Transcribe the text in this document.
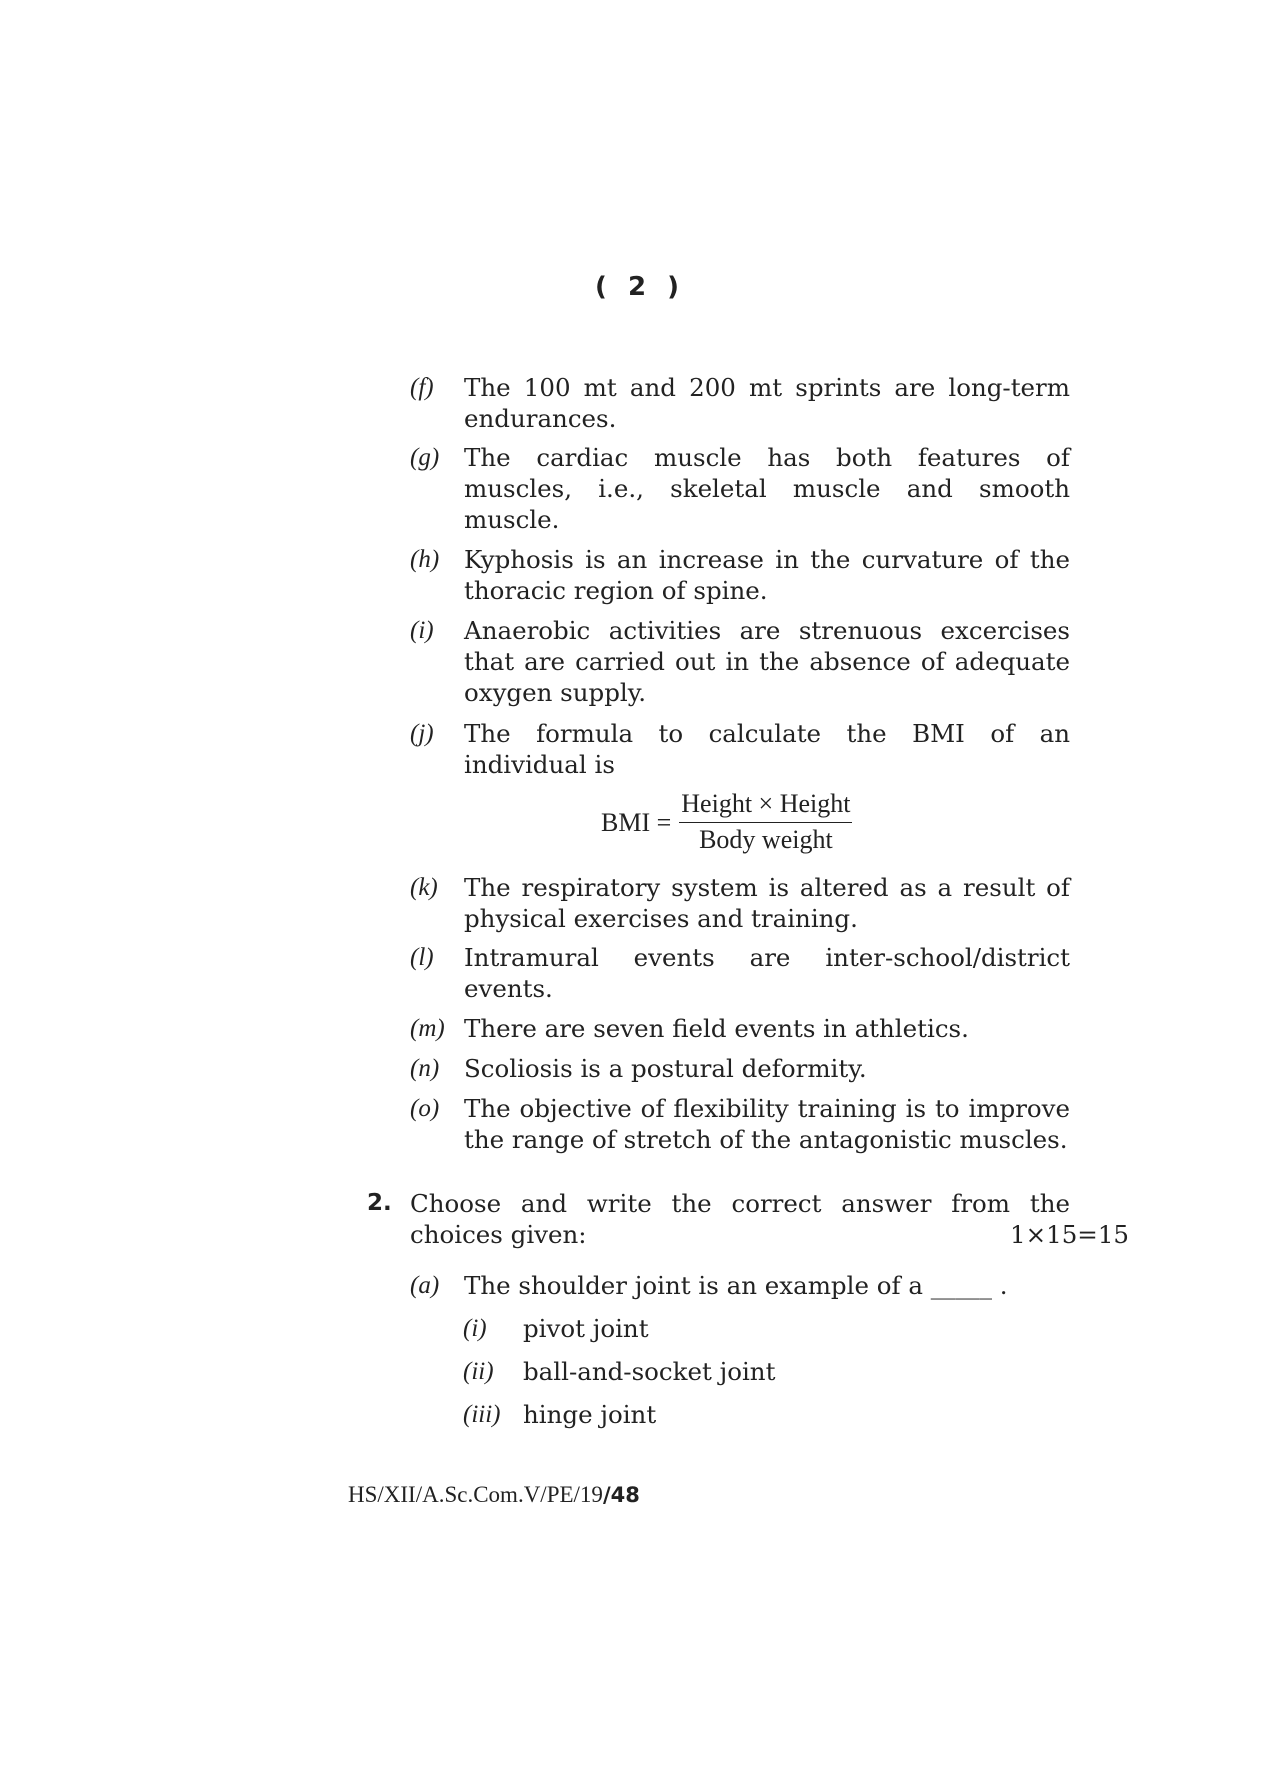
( 2 )
(f) The 100 mt and 200 mt sprints are long-term endurances.
(g) The cardiac muscle has both features of muscles, i.e., skeletal muscle and smooth muscle.
(h) Kyphosis is an increase in the curvature of the thoracic region of spine.
(i) Anaerobic activities are strenuous excercises that are carried out in the absence of adequate oxygen supply.
(j) The formula to calculate the BMI of an individual is
BMI = $\frac{\text{Height × Height}}{\text{Body weight}}$
(k) The respiratory system is altered as a result of physical exercises and training.
(l) Intramural events are inter-school/district events.
(m) There are seven field events in athletics.
(n) Scoliosis is a postural deformity.
(o) The objective of flexibility training is to improve the range of stretch of the antagonistic muscles.
2. Choose and write the correct answer from the choices given:	1×15=15
(a) The shoulder joint is an example of a _____ .
(i) pivot joint
(ii) ball-and-socket joint
(iii) hinge joint
HS/XII/A.Sc.Com.V/PE/19/48
